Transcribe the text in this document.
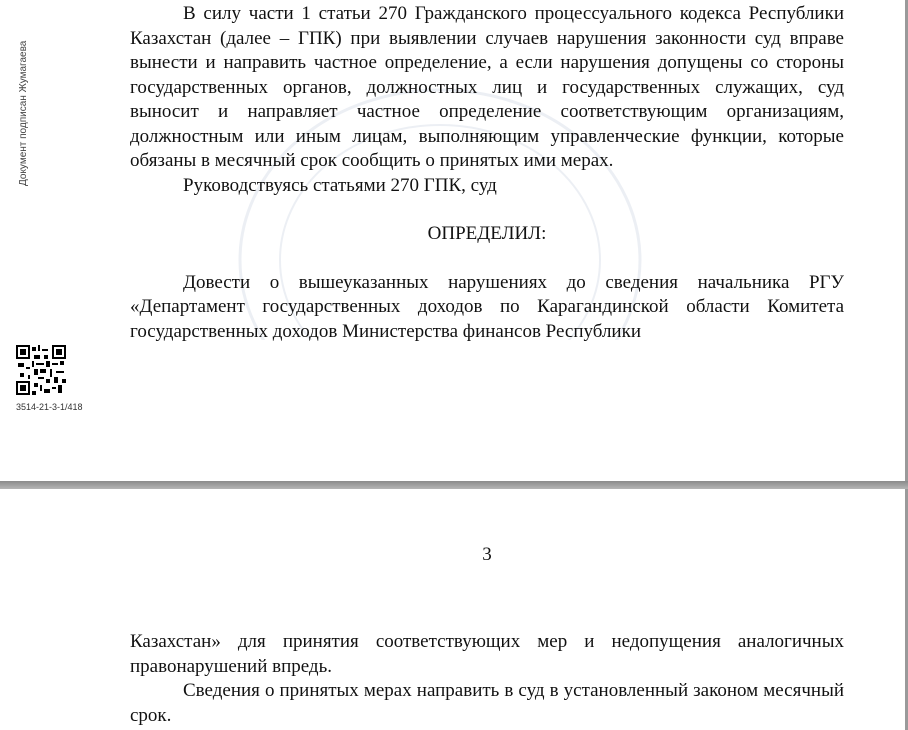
Документ подписан Жумагаева
3514-21-3-1/418

В силу части 1 статьи 270 Гражданского процессуального кодекса Республики Казахстан (далее – ГПК) при выявлении случаев нарушения законности суд вправе вынести и направить частное определение, а если нарушения допущены со стороны государственных органов, должностных лиц и государственных служащих, суд выносит и направляет частное определение соответствующим организациям, должностным или иным лицам, выполняющим управленческие функции, которые обязаны в месячный срок сообщить о принятых ими мерах.

Руководствуясь статьями 270 ГПК, суд

ОПРЕДЕЛИЛ:

Довести о вышеуказанных нарушениях до сведения начальника РГУ «Департамент государственных доходов по Карагандинской области Комитета государственных доходов Министерства финансов Республики

3

Казахстан» для принятия соответствующих мер и недопущения аналогичных правонарушений впредь.

Сведения о принятых мерах направить в суд в установленный законом месячный срок.
